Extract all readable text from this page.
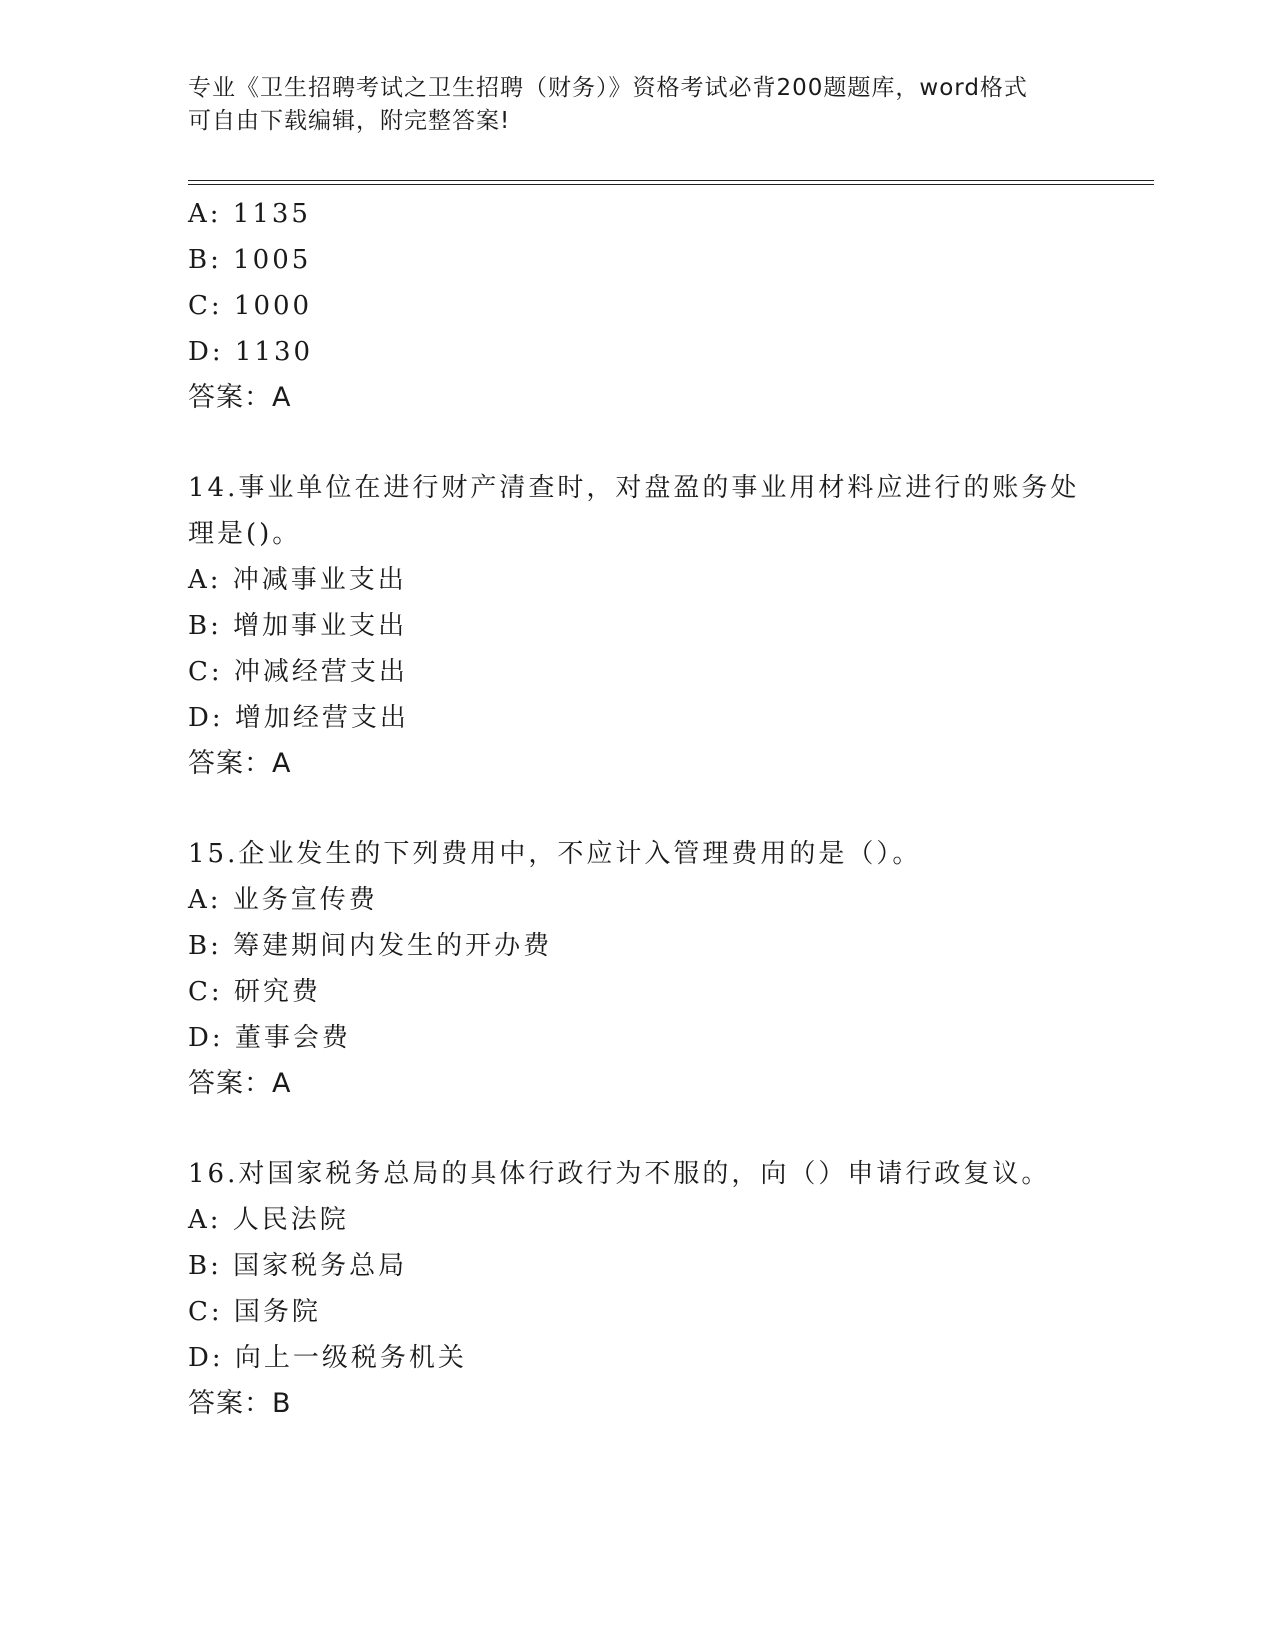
专业《卫生招聘考试之卫生招聘（财务）》资格考试必背200题题库，word格式
可自由下载编辑，附完整答案!
A: 1135
B: 1005
C: 1000
D: 1130
答案：A
14.事业单位在进行财产清查时，对盘盈的事业用材料应进行的账务处
理是()。
A: 冲减事业支出
B: 增加事业支出
C: 冲减经营支出
D: 增加经营支出
答案：A
15.企业发生的下列费用中，不应计入管理费用的是（）。
A: 业务宣传费
B: 筹建期间内发生的开办费
C: 研究费
D: 董事会费
答案：A
16.对国家税务总局的具体行政行为不服的，向（）申请行政复议。
A: 人民法院
B: 国家税务总局
C: 国务院
D: 向上一级税务机关
答案：B
